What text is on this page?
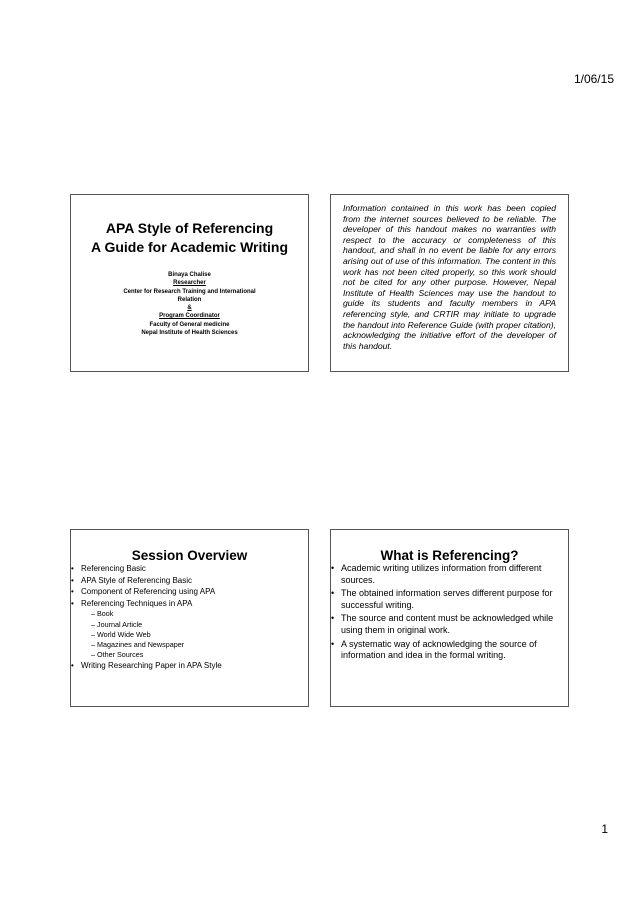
1/06/15
APA Style of Referencing
A Guide for Academic Writing
Binaya Chalise
Researcher
Center for Research Training and International
Relation
&
Program Coordinator
Faculty of General medicine
Nepal Institute of Health Sciences

Information contained in this work has been copied from the internet sources believed to be reliable. The developer of this handout makes no warranties with respect to the accuracy or completeness of this handout, and shall in no event be liable for any errors arising out of use of this information. The content in this work has not been cited properly, so this work should not be cited for any other purpose. However, Nepal Institute of Health Sciences may use the handout to guide its students and faculty members in APA referencing style, and CRTIR may initiate to upgrade the handout into Reference Guide (with proper citation), acknowledging the initiative effort of the developer of this handout.

Session Overview
• Referencing Basic
• APA Style of Referencing Basic
• Component of Referencing using APA
• Referencing Techniques in APA
– Book
– Journal Article
– World Wide Web
– Magazines and Newspaper
– Other Sources
• Writing Researching Paper in APA Style
What is Referencing?
• Academic writing utilizes information from different sources.
• The obtained information serves different purpose for successful writing.
• The source and content must be acknowledged while using them in original work.
• A systematic way of acknowledging the source of information and idea in the formal writing.
1
